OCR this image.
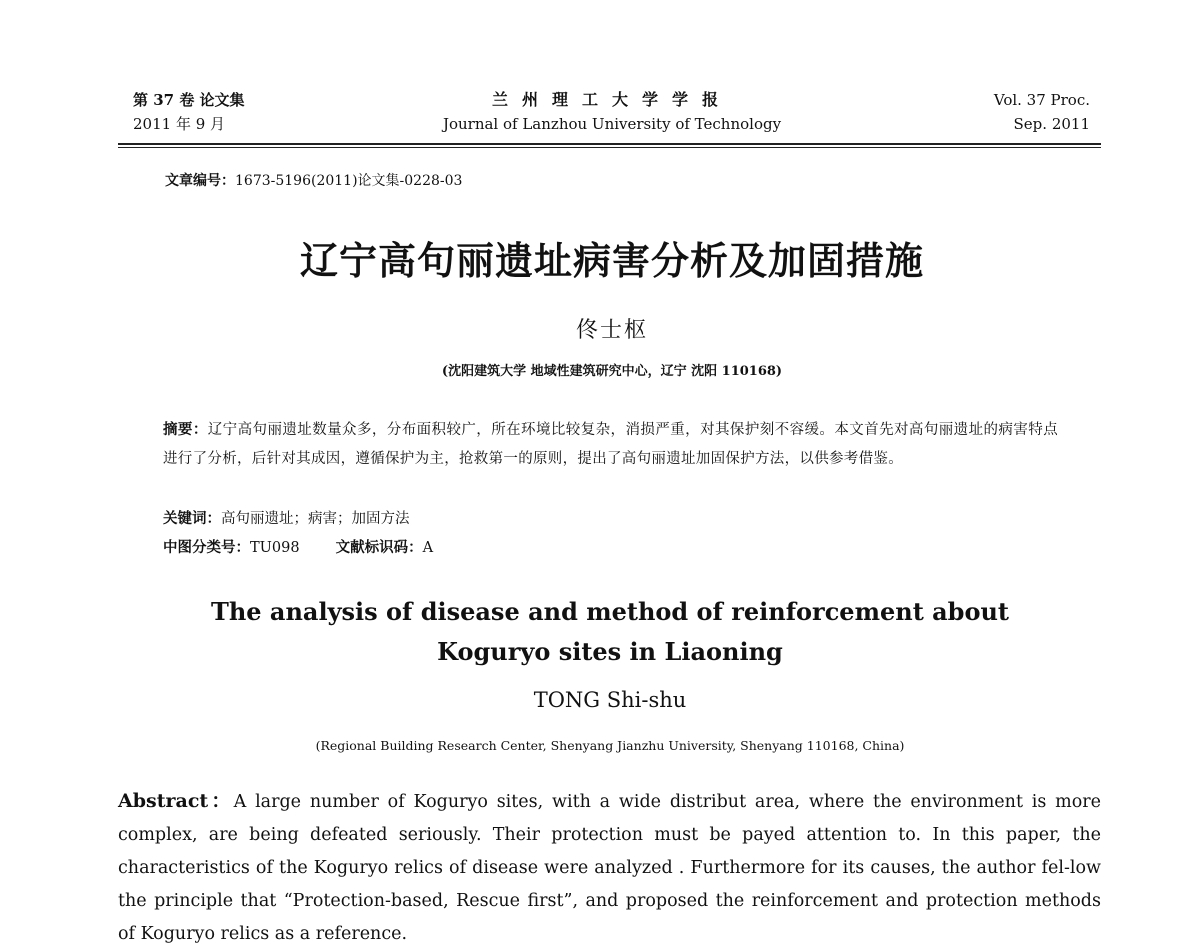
第 37 卷 论文集
2011 年 9 月
兰州理工大学学报
Journal of Lanzhou University of Technology
Vol. 37 Proc.
Sep. 2011
文章编号：1673-5196(2011)论文集-0228-03
辽宁高句丽遗址病害分析及加固措施
佟士枢
(沈阳建筑大学 地域性建筑研究中心，辽宁 沈阳 110168)
摘要：辽宁高句丽遗址数量众多，分布面积较广，所在环境比较复杂，消损严重，对其保护刻不容缓。本文首先对高句丽遗址的病害特点进行了分析，后针对其成因，遵循保护为主，抢救第一的原则，提出了高句丽遗址加固保护方法，以供参考借鉴。
关键词：高句丽遗址；病害；加固方法
中图分类号：TU098 文献标识码：A
The analysis of disease and method of reinforcement about
Koguryo sites in Liaoning
TONG Shi-shu
(Regional Building Research Center, Shenyang Jianzhu University, Shenyang 110168, China)
Abstract：A large number of Koguryo sites, with a wide distribut area, where the environment is more complex, are being defeated seriously. Their protection must be payed attention to. In this paper, the characteristics of the Koguryo relics of disease were analyzed . Furthermore for its causes, the author fel-low the principle that “Protection-based, Rescue first”, and proposed the reinforcement and protection methods of Koguryo relics as a reference.
